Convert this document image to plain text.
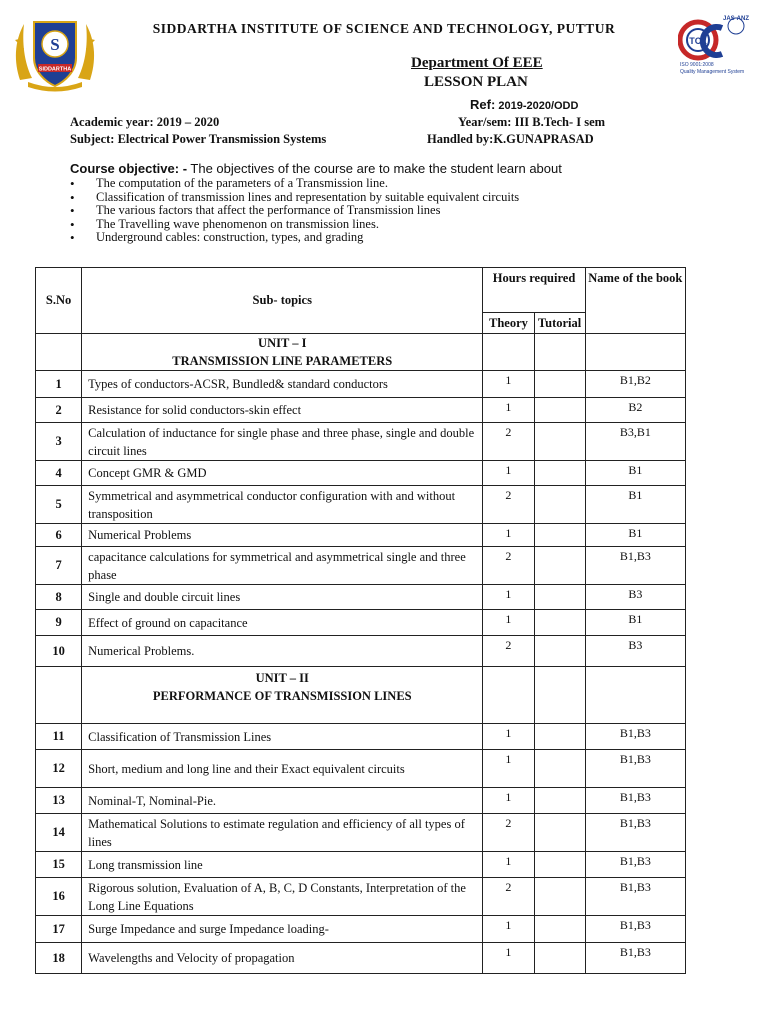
S
SIDDARTHA
TCL
JAS-ANZ
ISO 9001:2008
Quality Management System
SIDDARTHA INSTITUTE OF SCIENCE AND TECHNOLOGY, PUTTUR
Department Of EEE
LESSON PLAN
Ref: 2019-2020/ODD
Academic year: 2019 – 2020	Year/sem: III B.Tech- I sem
Subject: Electrical Power Transmission Systems	Handled by:K.GUNAPRASAD
Course objective: - The objectives of the course are to make the student learn about
• The computation of the parameters of a Transmission line.
• Classification of transmission lines and representation by suitable equivalent circuits
• The various factors that affect the performance of Transmission lines
• The Travelling wave phenomenon on transmission lines.
• Underground cables: construction, types, and grading
S.No	Sub- topics	Hours required		Name of the book
		Theory	Tutorial	

	UNIT – I
TRANSMISSION LINE PARAMETERS			

1	Types of conductors-ACSR, Bundled& standard conductors	1		B1,B2
2	Resistance for solid conductors-skin effect	1		B2
3	Calculation of inductance for single phase and three phase, single and double circuit lines	2		B3,B1
4	Concept GMR & GMD	1		B1
5	Symmetrical and asymmetrical conductor configuration with and without transposition	2		B1
6	Numerical Problems	1		B1
7	capacitance calculations for symmetrical and asymmetrical single and three phase	2		B1,B3
8	Single and double circuit lines	1		B3
9	Effect of ground on capacitance	1		B1
10	Numerical Problems.	2		B3

	UNIT – II
PERFORMANCE OF TRANSMISSION LINES			

11	Classification of Transmission Lines	1		B1,B3
12	Short, medium and long line and their Exact equivalent circuits	1		B1,B3
13	Nominal-T, Nominal-Pie.	1		B1,B3
14	Mathematical Solutions to estimate regulation and efficiency of all types of lines	2		B1,B3
15	Long transmission line	1		B1,B3
16	Rigorous solution, Evaluation of A, B, C, D Constants, Interpretation of the Long Line Equations	2		B1,B3
17	Surge Impedance and surge Impedance loading-	1		B1,B3
18	Wavelengths and Velocity of propagation	1		B1,B3
